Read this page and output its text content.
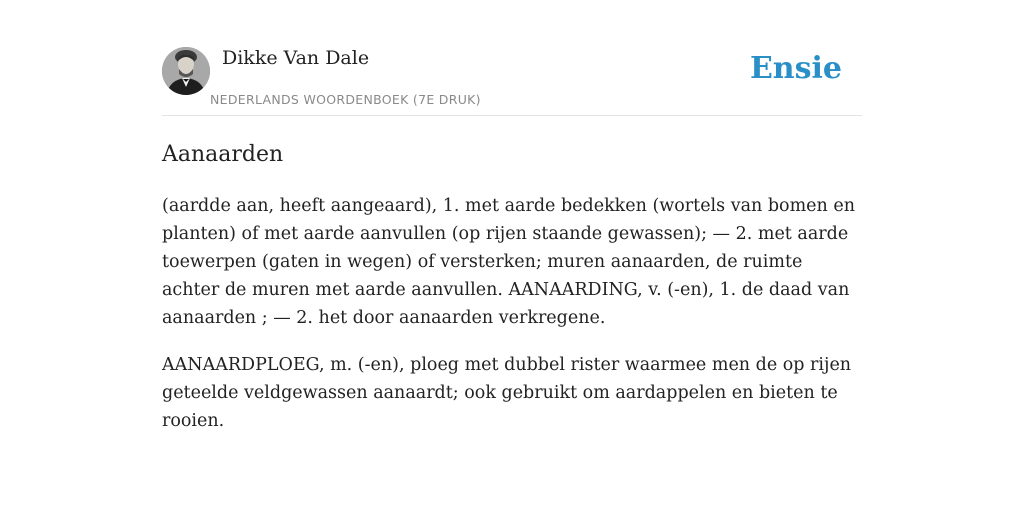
Dikke Van Dale
NEDERLANDS WOORDENBOEK (7E DRUK)
Ensie
Aanaarden

(aardde aan, heeft aangeaard), 1. met aarde bedekken (wortels van bomen en planten) of met aarde aanvullen (op rijen staande gewassen); — 2. met aarde toewerpen (gaten in wegen) of versterken; muren aanaarden, de ruimte achter de muren met aarde aanvullen. AANAARDING, v. (-en), 1. de daad van aanaarden ; — 2. het door aanaarden verkregene.

AANAARDPLOEG, m. (-en), ploeg met dubbel rister waarmee men de op rijen geteelde veldgewassen aanaardt; ook gebruikt om aardappelen en bieten te rooien.
